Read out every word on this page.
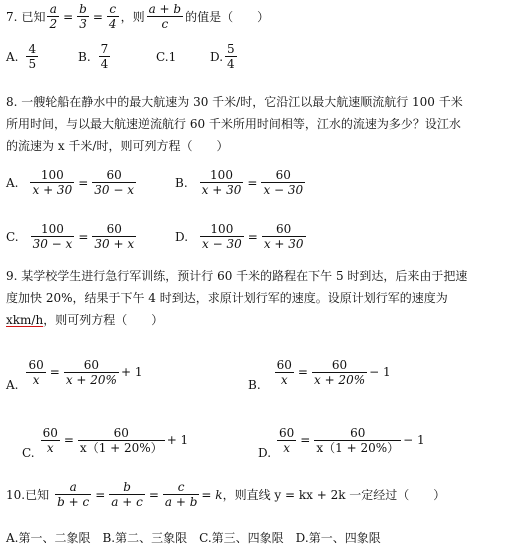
7. 已知 $\frac{a}{2} = \frac{b}{3} = \frac{c}{4}$ ，则 $\frac{a + b}{c}$ 的值是（　　）
A. $\frac{4}{5}$	B. $\frac{7}{4}$	C.1	D. $\frac{5}{4}$
8. 一艘轮船在静水中的最大航速为 30 千米/时，它沿江以最大航速顺流航行 100 千米
所用时间，与以最大航速逆流航行 60 千米所用时间相等，江水的流速为多少？设江水
的流速为 x 千米/时，则可列方程（　　）
A. $\frac{100}{x + 30} = \frac{60}{30 - x}$	B. $\frac{100}{x + 30} = \frac{60}{x - 30}$
C. $\frac{100}{30 - x} = \frac{60}{30 + x}$	D. $\frac{100}{x - 30} = \frac{60}{x + 30}$
9. 某学校学生进行急行军训练，预计行 60 千米的路程在下午 5 时到达，后来由于把速
度加快 20%，结果于下午 4 时到达，求原计划行军的速度。设原计划行军的速度为
xkm/h，则可列方程（　　）
A. $\frac{60}{x} = \frac{60}{x + 20\%} + 1$
B. $\frac{60}{x} = \frac{60}{x + 20\%} - 1$
C. $\frac{60}{x} = \frac{60}{x(1 + 20\%)} + 1$
D. $\frac{60}{x} = \frac{60}{x(1 + 20\%)} - 1$
10. 已知 $\frac{a}{b + c} = \frac{b}{a + c} = \frac{c}{a + b} = k$ ，则直线 y = kx + 2k 一定经过（　　）
A.第一、二象限　B.第二、三象限　C.第三、四象限　D.第一、四象限
